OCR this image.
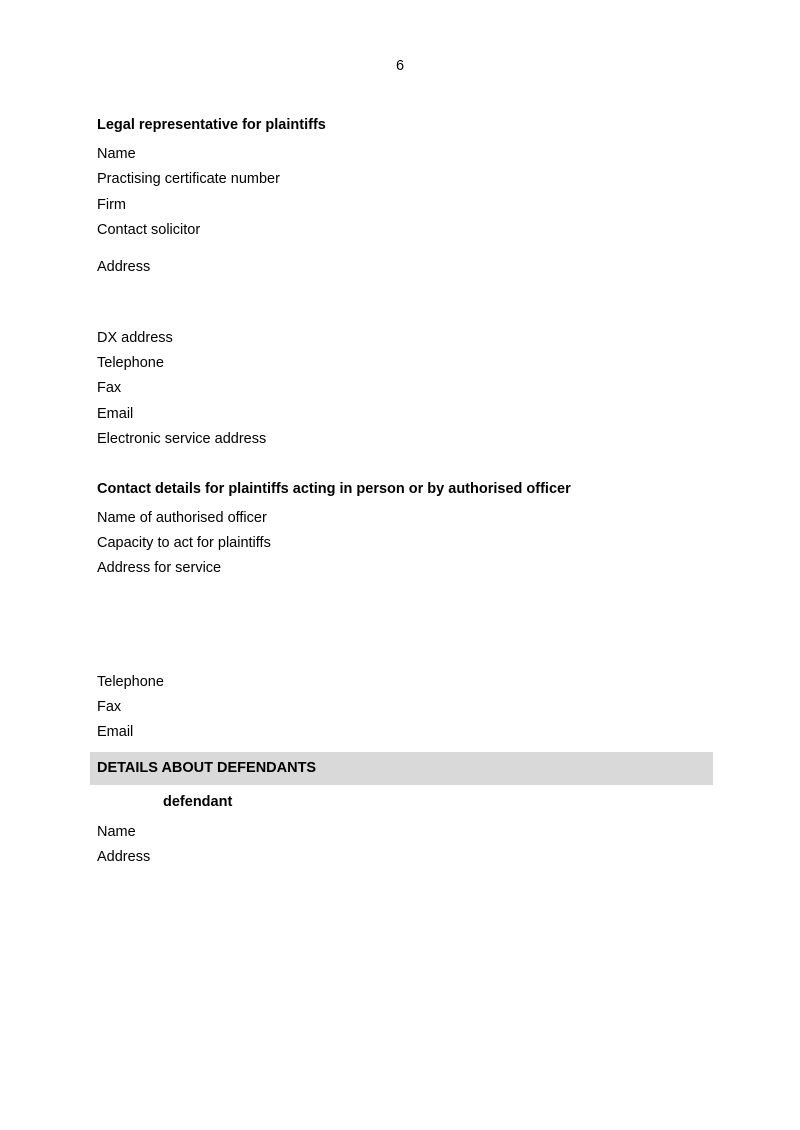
6
Legal representative for plaintiffs
Name
Practising certificate number
Firm
Contact solicitor
Address
DX address
Telephone
Fax
Email
Electronic service address
Contact details for plaintiffs acting in person or by authorised officer
Name of authorised officer
Capacity to act for plaintiffs
Address for service
Telephone
Fax
Email
DETAILS ABOUT DEFENDANTS
defendant
Name
Address
